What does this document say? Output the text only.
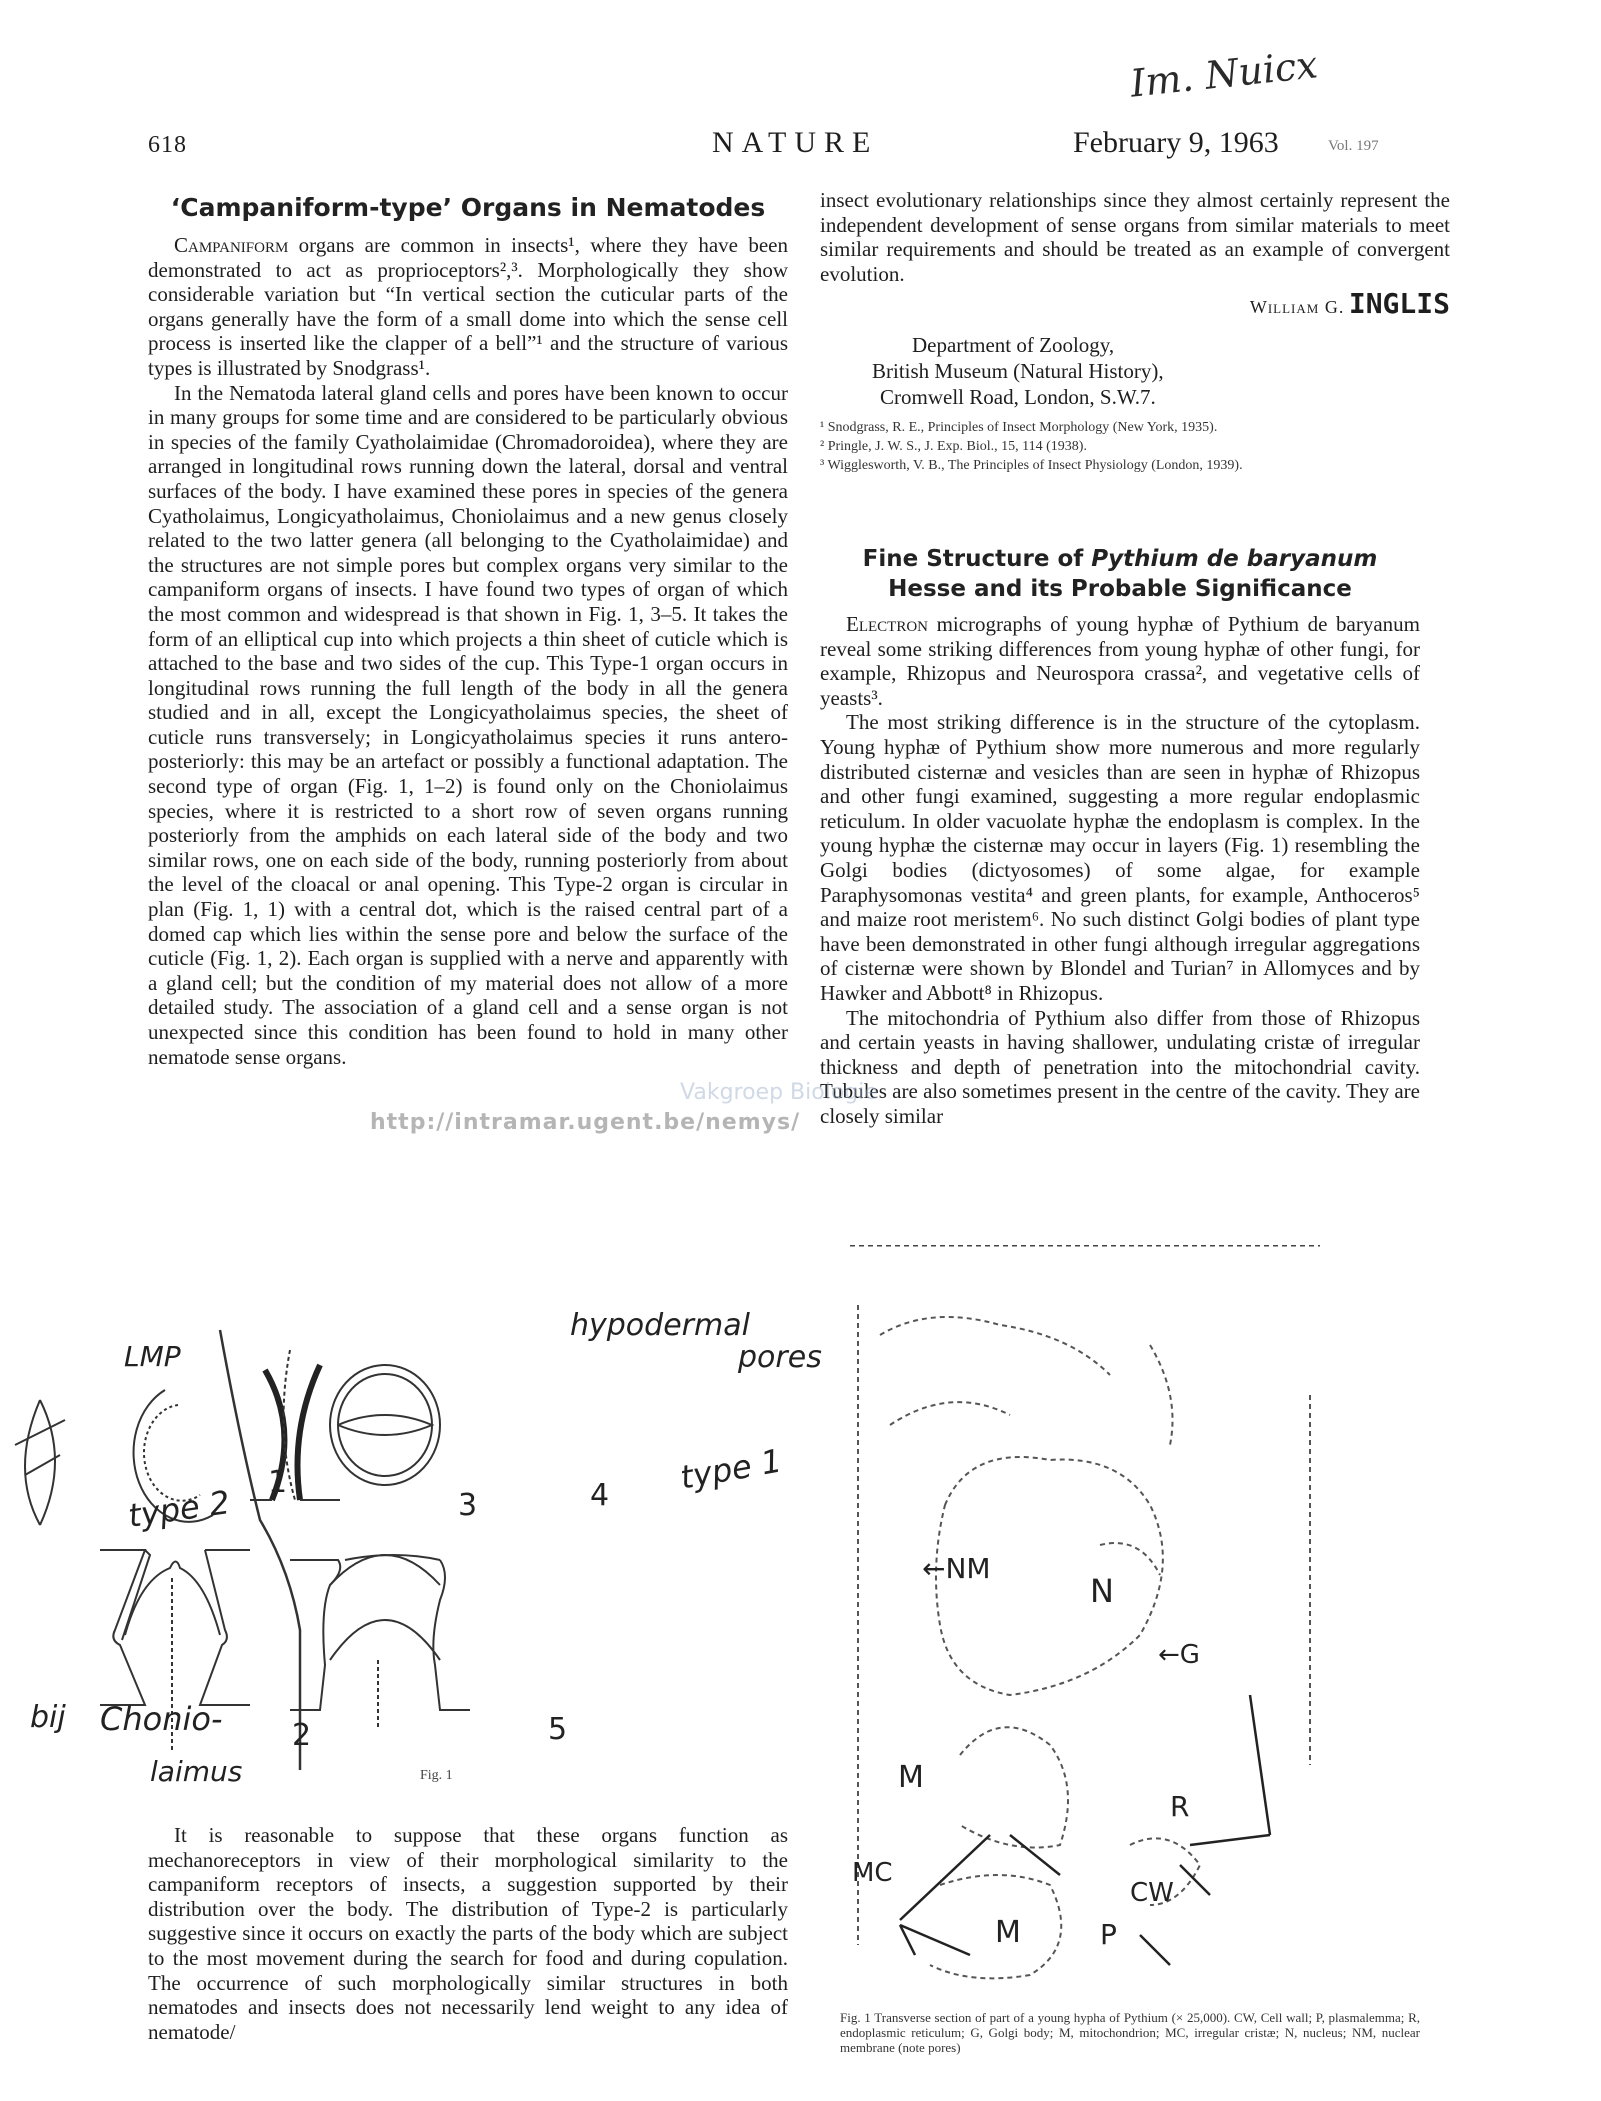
Im. Nuicx
618	NATURE	February 9, 1963	Vol. 197
‘Campaniform-type’ Organs in Nematodes

Campaniform organs are common in insects¹, where they have been demonstrated to act as proprioceptors²,³. Morphologically they show considerable variation but “In vertical section the cuticular parts of the organs generally have the form of a small dome into which the sense cell process is inserted like the clapper of a bell”¹ and the structure of various types is illustrated by Snodgrass¹.

In the Nematoda lateral gland cells and pores have been known to occur in many groups for some time and are considered to be particularly obvious in species of the family Cyatholaimidae (Chromadoroidea), where they are arranged in longitudinal rows running down the lateral, dorsal and ventral surfaces of the body. I have examined these pores in species of the genera Cyatholaimus, Longicyatholaimus, Choniolaimus and a new genus closely related to the two latter genera (all belonging to the Cyatholaimidae) and the structures are not simple pores but complex organs very similar to the campaniform organs of insects. I have found two types of organ of which the most common and widespread is that shown in Fig. 1, 3–5. It takes the form of an elliptical cup into which projects a thin sheet of cuticle which is attached to the base and two sides of the cup. This Type-1 organ occurs in longitudinal rows running the full length of the body in all the genera studied and in all, except the Longicyatholaimus species, the sheet of cuticle runs transversely; in Longicyatholaimus species it runs antero-posteriorly: this may be an artefact or possibly a functional adaptation. The second type of organ (Fig. 1, 1–2) is found only on the Choniolaimus species, where it is restricted to a short row of seven organs running posteriorly from the amphids on each lateral side of the body and two similar rows, one on each side of the body, running posteriorly from about the level of the cloacal or anal opening. This Type-2 organ is circular in plan (Fig. 1, 1) with a central dot, which is the raised central part of a domed cap which lies within the sense pore and below the surface of the cuticle (Fig. 1, 2). Each organ is supplied with a nerve and apparently with a gland cell; but the condition of my material does not allow of a more detailed study. The association of a gland cell and a sense organ is not unexpected since this condition has been found to hold in many other nematode sense organs.

LMP
hypodermal
pores
type 1
type 2
bij Chonio-
laimus
1
2
3	4
5
Fig. 1

It is reasonable to suppose that these organs function as mechanoreceptors in view of their morphological similarity to the campaniform receptors of insects, a suggestion supported by their distribution over the body. The distribution of Type-2 is particularly suggestive since it occurs on exactly the parts of the body which are subject to the most movement during the search for food and during copulation. The occurrence of such morphologically similar structures in both nematodes and insects does not necessarily lend weight to any idea of nematode/

insect evolutionary relationships since they almost certainly represent the independent development of sense organs from similar materials to meet similar requirements and should be treated as an example of convergent evolution.

William G. INGLIS
Department of Zoology,
British Museum (Natural History),
Cromwell Road, London, S.W.7.
¹ Snodgrass, R. E., Principles of Insect Morphology (New York, 1935).
² Pringle, J. W. S., J. Exp. Biol., 15, 114 (1938).
³ Wigglesworth, V. B., The Principles of Insect Physiology (London, 1939).
Fine Structure of Pythium de baryanum
Hesse and its Probable Significance

Electron micrographs of young hyphæ of Pythium de baryanum reveal some striking differences from young hyphæ of other fungi, for example, Rhizopus and Neurospora crassa², and vegetative cells of yeasts³.

The most striking difference is in the structure of the cytoplasm. Young hyphæ of Pythium show more numerous and more regularly distributed cisternæ and vesicles than are seen in hyphæ of Rhizopus and other fungi examined, suggesting a more regular endoplasmic reticulum. In older vacuolate hyphæ the endoplasm is complex. In the young hyphæ the cisternæ may occur in layers (Fig. 1) resembling the Golgi bodies (dictyosomes) of some algae, for example Paraphysomonas vestita⁴ and green plants, for example, Anthoceros⁵ and maize root meristem⁶. No such distinct Golgi bodies of plant type have been demonstrated in other fungi although irregular aggregations of cisternæ were shown by Blondel and Turian⁷ in Allomyces and by Hawker and Abbott⁸ in Rhizopus.

The mitochondria of Pythium also differ from those of Rhizopus and certain yeasts in having shallower, undulating cristæ of irregular thickness and depth of penetration into the mitochondrial cavity. Tubules are also sometimes present in the centre of the cavity. They are closely similar

←NM
N
←G
M
M
MC
R
CW
P
Fig. 1 Transverse section of part of a young hypha of Pythium (× 25,000). CW, Cell wall; P, plasmalemma; R, endoplasmic reticulum; G, Golgi body; M, mitochondrion; MC, irregular cristæ; N, nucleus; NM, nuclear membrane (note pores)
Vakgroep Biologie
http://intramar.ugent.be/nemys/
